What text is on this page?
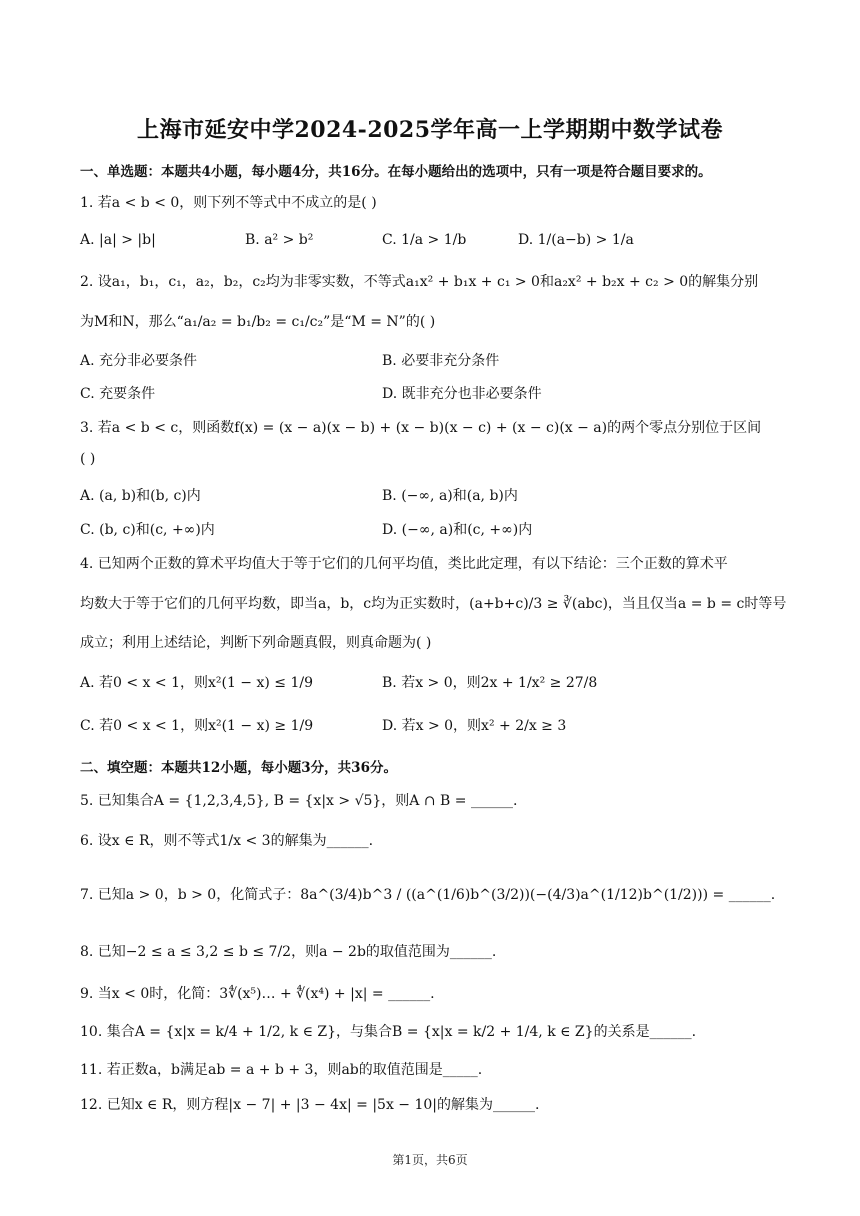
上海市延安中学2024-2025学年高一上学期期中数学试卷
一、单选题：本题共4小题，每小题4分，共16分。在每小题给出的选项中，只有一项是符合题目要求的。
1. 若a < b < 0，则下列不等式中不成立的是( )
A. |a| > |b|	B. a² > b²	C. 1/a > 1/b	D. 1/(a−b) > 1/a
2. 设a₁，b₁，c₁，a₂，b₂，c₂均为非零实数，不等式a₁x² + b₁x + c₁ > 0和a₂x² + b₂x + c₂ > 0的解集分别
为M和N，那么“a₁/a₂ = b₁/b₂ = c₁/c₂”是“M = N”的( )
A. 充分非必要条件	B. 必要非充分条件
C. 充要条件	D. 既非充分也非必要条件
3. 若a < b < c，则函数f(x) = (x − a)(x − b) + (x − b)(x − c) + (x − c)(x − a)的两个零点分别位于区间
( )
A. (a, b)和(b, c)内	B. (−∞, a)和(a, b)内
C. (b, c)和(c, +∞)内	D. (−∞, a)和(c, +∞)内
4. 已知两个正数的算术平均值大于等于它们的几何平均值，类比此定理，有以下结论：三个正数的算术平
均数大于等于它们的几何平均数，即当a，b，c均为正实数时，(a+b+c)/3 ≥ ∛(abc)，当且仅当a = b = c时等号
成立；利用上述结论，判断下列命题真假，则真命题为( )
A. 若0 < x < 1，则x²(1 − x) ≤ 1/9	B. 若x > 0，则2x + 1/x² ≥ 27/8
C. 若0 < x < 1，则x²(1 − x) ≥ 1/9	D. 若x > 0，则x² + 2/x ≥ 3
二、填空题：本题共12小题，每小题3分，共36分。
5. 已知集合A = {1,2,3,4,5}, B = {x|x > √5}，则A ∩ B = ______.
6. 设x ∈ R，则不等式1/x < 3的解集为______.
7. 已知a > 0，b > 0，化简式子：8a^(3/4)b^3 / ((a^(1/6)b^(3/2))(−(4/3)a^(1/12)b^(1/2))) = ______.
8. 已知−2 ≤ a ≤ 3,2 ≤ b ≤ 7/2，则a − 2b的取值范围为______.
9. 当x < 0时，化简：3∜(x⁵)… + ∜(x⁴) + |x| = ______.
10. 集合A = {x|x = k/4 + 1/2, k ∈ Z}，与集合B = {x|x = k/2 + 1/4, k ∈ Z}的关系是______.
11. 若正数a，b满足ab = a + b + 3，则ab的取值范围是_____.
12. 已知x ∈ R，则方程|x − 7| + |3 − 4x| = |5x − 10|的解集为______.
第1页，共6页
